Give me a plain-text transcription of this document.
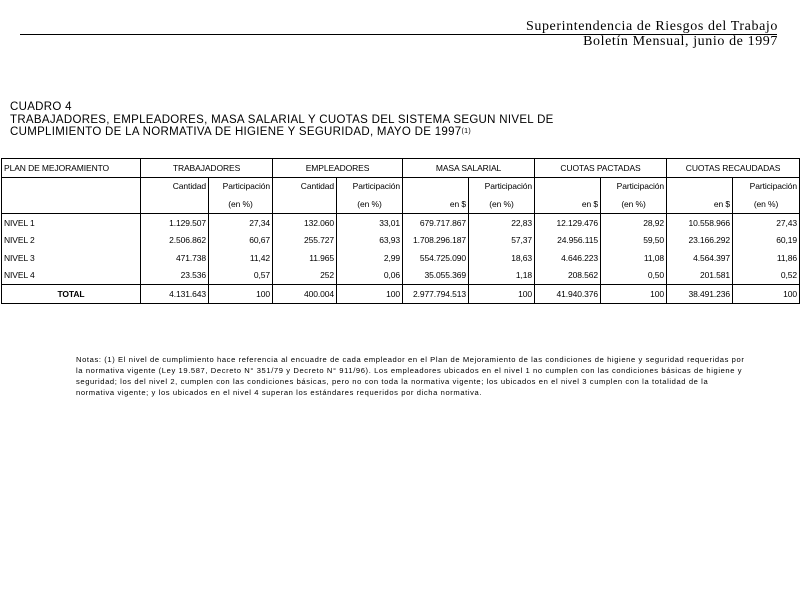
Superintendencia de Riesgos del Trabajo
Boletín Mensual, junio de 1997
CUADRO 4
TRABAJADORES, EMPLEADORES, MASA SALARIAL Y CUOTAS DEL SISTEMA SEGUN NIVEL DE
CUMPLIMIENTO DE LA NORMATIVA DE HIGIENE Y SEGURIDAD, MAYO DE 1997$^{(1)}$
PLAN DE MEJORAMIENTO	TRABAJADORES		EMPLEADORES		MASA SALARIAL		CUOTAS PACTADAS		CUOTAS RECAUDADAS	
	Cantidad	Participación	Cantidad	Participación		Participación		Participación		Participación
		(en %)		(en %)	en $	(en %)	en $	(en %)	en $	(en %)
NIVEL 1	1.129.507	27,34	132.060	33,01	679.717.867	22,83	12.129.476	28,92	10.558.966	27,43
NIVEL 2	2.506.862	60,67	255.727	63,93	1.708.296.187	57,37	24.956.115	59,50	23.166.292	60,19
NIVEL 3	471.738	11,42	11.965	2,99	554.725.090	18,63	4.646.223	11,08	4.564.397	11,86
NIVEL 4	23.536	0,57	252	0,06	35.055.369	1,18	208.562	0,50	201.581	0,52
TOTAL	4.131.643	100	400.004	100	2.977.794.513	100	41.940.376	100	38.491.236	100
Notas: (1) El nivel de cumplimiento hace referencia al encuadre de cada empleador en el Plan de Mejoramiento de las condiciones de higiene y seguridad requeridas por la normativa vigente (Ley 19.587, Decreto N° 351/79 y Decreto N° 911/96). Los empleadores ubicados en el nivel 1 no cumplen con las condiciones básicas de higiene y seguridad; los del nivel 2, cumplen con las condiciones básicas, pero no con toda la normativa vigente; los ubicados en el nivel 3 cumplen con la totalidad de la normativa vigente; y los ubicados en el nivel 4 superan los estándares requeridos por dicha normativa.
